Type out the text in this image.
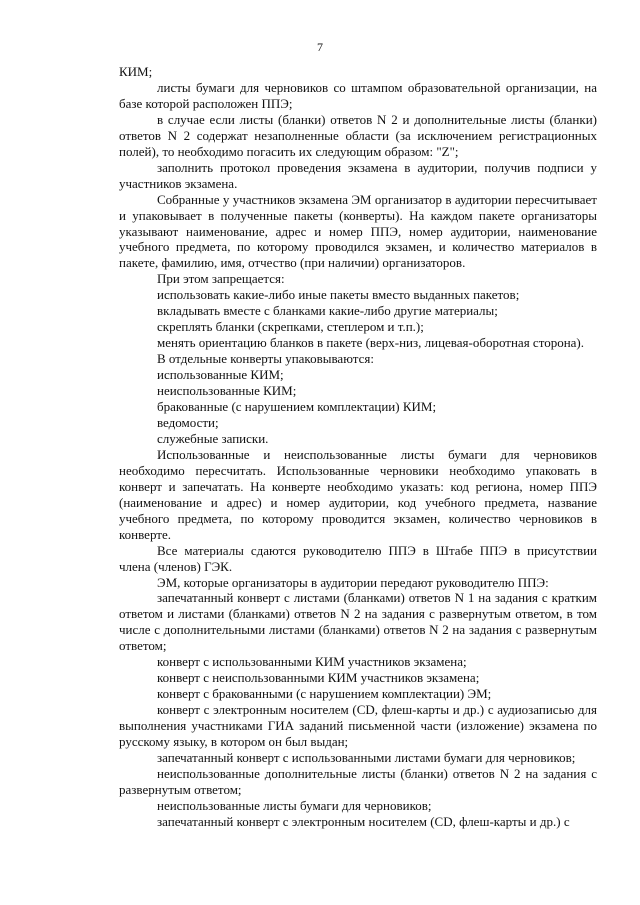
7

КИМ;

листы бумаги для черновиков со штампом образовательной организации, на базе которой расположен ППЭ;

в случае если листы (бланки) ответов N 2 и дополнительные листы (бланки) ответов N 2 содержат незаполненные области (за исключением регистрационных полей), то необходимо погасить их следующим образом: "Z";

заполнить протокол проведения экзамена в аудитории, получив подписи у участников экзамена.

Собранные у участников экзамена ЭМ организатор в аудитории пересчитывает и упаковывает в полученные пакеты (конверты). На каждом пакете организаторы указывают наименование, адрес и номер ППЭ, номер аудитории, наименование учебного предмета, по которому проводился экзамен, и количество материалов в пакете, фамилию, имя, отчество (при наличии) организаторов.

При этом запрещается:

использовать какие-либо иные пакеты вместо выданных пакетов;

вкладывать вместе с бланками какие-либо другие материалы;

скреплять бланки (скрепками, степлером и т.п.);

менять ориентацию бланков в пакете (верх-низ, лицевая-оборотная сторона).

В отдельные конверты упаковываются:

использованные КИМ;

неиспользованные КИМ;

бракованные (с нарушением комплектации) КИМ;

ведомости;

служебные записки.

Использованные и неиспользованные листы бумаги для черновиков необходимо пересчитать. Использованные черновики необходимо упаковать в конверт и запечатать. На конверте необходимо указать: код региона, номер ППЭ (наименование и адрес) и номер аудитории, код учебного предмета, название учебного предмета, по которому проводится экзамен, количество черновиков в конверте.

Все материалы сдаются руководителю ППЭ в Штабе ППЭ в присутствии члена (членов) ГЭК.

ЭМ, которые организаторы в аудитории передают руководителю ППЭ:

запечатанный конверт с листами (бланками) ответов N 1 на задания с кратким ответом и листами (бланками) ответов N 2 на задания с развернутым ответом, в том числе с дополнительными листами (бланками) ответов N 2 на задания с развернутым ответом;

конверт с использованными КИМ участников экзамена;

конверт с неиспользованными КИМ участников экзамена;

конверт с бракованными (с нарушением комплектации) ЭМ;

конверт с электронным носителем (CD, флеш-карты и др.) с аудиозаписью для выполнения участниками ГИА заданий письменной части (изложение) экзамена по русскому языку, в котором он был выдан;

запечатанный конверт с использованными листами бумаги для черновиков;

неиспользованные дополнительные листы (бланки) ответов N 2 на задания с развернутым ответом;

неиспользованные листы бумаги для черновиков;

запечатанный конверт с электронным носителем (CD, флеш-карты и др.) с
